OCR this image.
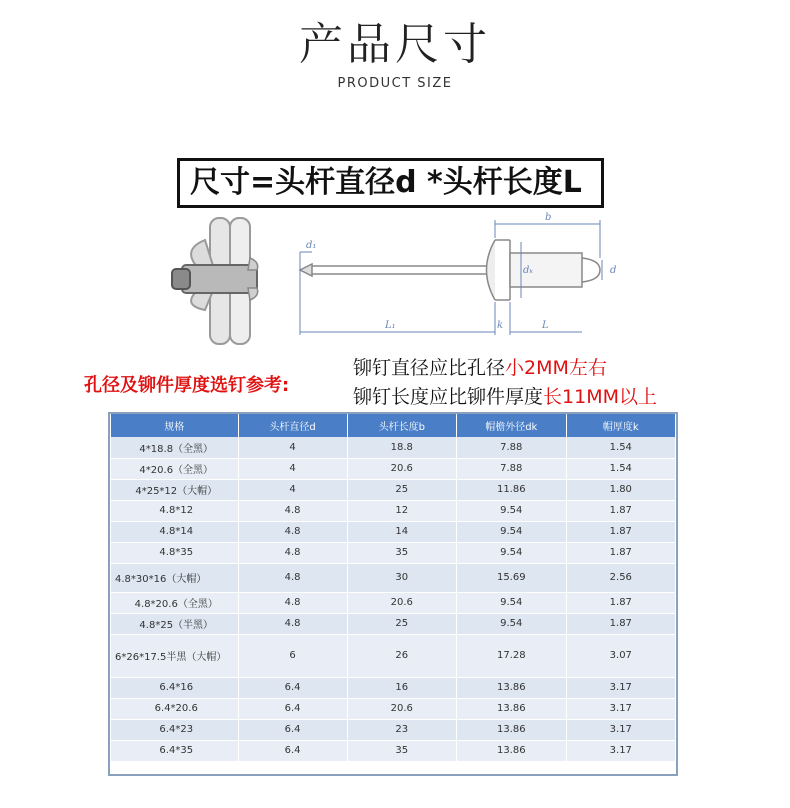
产品尺寸
PRODUCT SIZE
尺寸=头杆直径d *头杆长度L
d₁
b
dₖ	d
L₁	k	L
孔径及铆件厚度选钉参考:
铆钉直径应比孔径小2MM左右
铆钉长度应比铆件厚度长11MM以上
规格	头杆直径d	头杆长度b	帽檐外径dk	帽厚度k
4*18.8（全黑）	4	18.8	7.88	1.54
4*20.6（全黑）	4	20.6	7.88	1.54
4*25*12（大帽）	4	25	11.86	1.80
4.8*12	4.8	12	9.54	1.87
4.8*14	4.8	14	9.54	1.87
4.8*35	4.8	35	9.54	1.87
4.8*30*16（大帽）	4.8	30	15.69	2.56
4.8*20.6（全黑）	4.8	20.6	9.54	1.87
4.8*25（半黑）	4.8	25	9.54	1.87
6*26*17.5半黑（大帽）	6	26	17.28	3.07
6.4*16	6.4	16	13.86	3.17
6.4*20.6	6.4	20.6	13.86	3.17
6.4*23	6.4	23	13.86	3.17
6.4*35	6.4	35	13.86	3.17
